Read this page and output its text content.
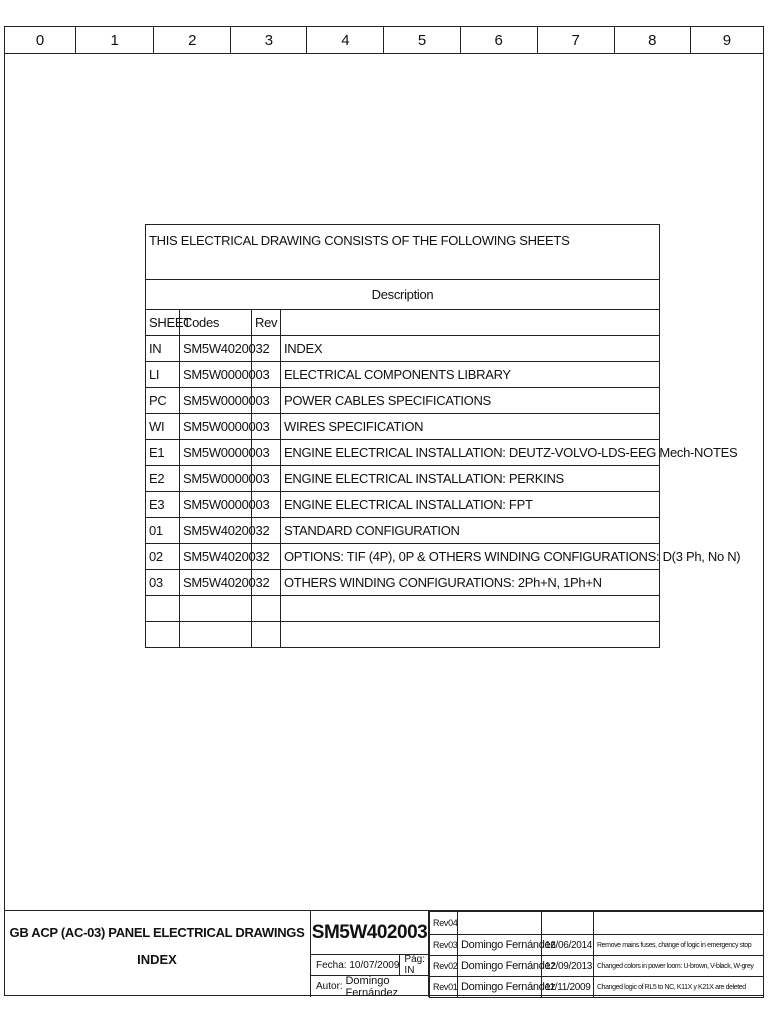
0	1	2	3	4	5	6	7	8	9
THIS ELECTRICAL DRAWING CONSISTS OF THE FOLLOWING SHEETS			
Description			
SHEET	Codes	Rev	
IN	SM5W402003	2	INDEX
LI	SM5W000000	3	ELECTRICAL COMPONENTS LIBRARY
PC	SM5W000000	3	POWER CABLES SPECIFICATIONS
WI	SM5W000000	3	WIRES SPECIFICATION
E1	SM5W000000	3	ENGINE ELECTRICAL INSTALLATION: DEUTZ-VOLVO-LDS-EEG Mech-NOTES
E2	SM5W000000	3	ENGINE ELECTRICAL INSTALLATION: PERKINS
E3	SM5W000000	3	ENGINE ELECTRICAL INSTALLATION: FPT
01	SM5W402003	2	STANDARD CONFIGURATION
02	SM5W402003	2	OPTIONS: TIF (4P), 0P & OTHERS WINDING CONFIGURATIONS: D(3 Ph, No N)
03	SM5W402003	2	OTHERS WINDING CONFIGURATIONS: 2Ph+N, 1Ph+N

GB ACP (AC-03) PANEL ELECTRICAL DRAWINGS
INDEX
SM5W402003
Fecha:
10/07/2009 Pág: IN
Autor:
Domingo Fernández
Rev04			
Rev03	Domingo Fernández	16/06/2014	Remove mains fuses, change of logic in emergency stop
Rev02	Domingo Fernández	12/09/2013	Changed colors in power loom: U-brown, V-black, W-grey
Rev01	Domingo Fernández	11/11/2009	Changed logic of RL5 to NC, K11X y K21X are deleted
